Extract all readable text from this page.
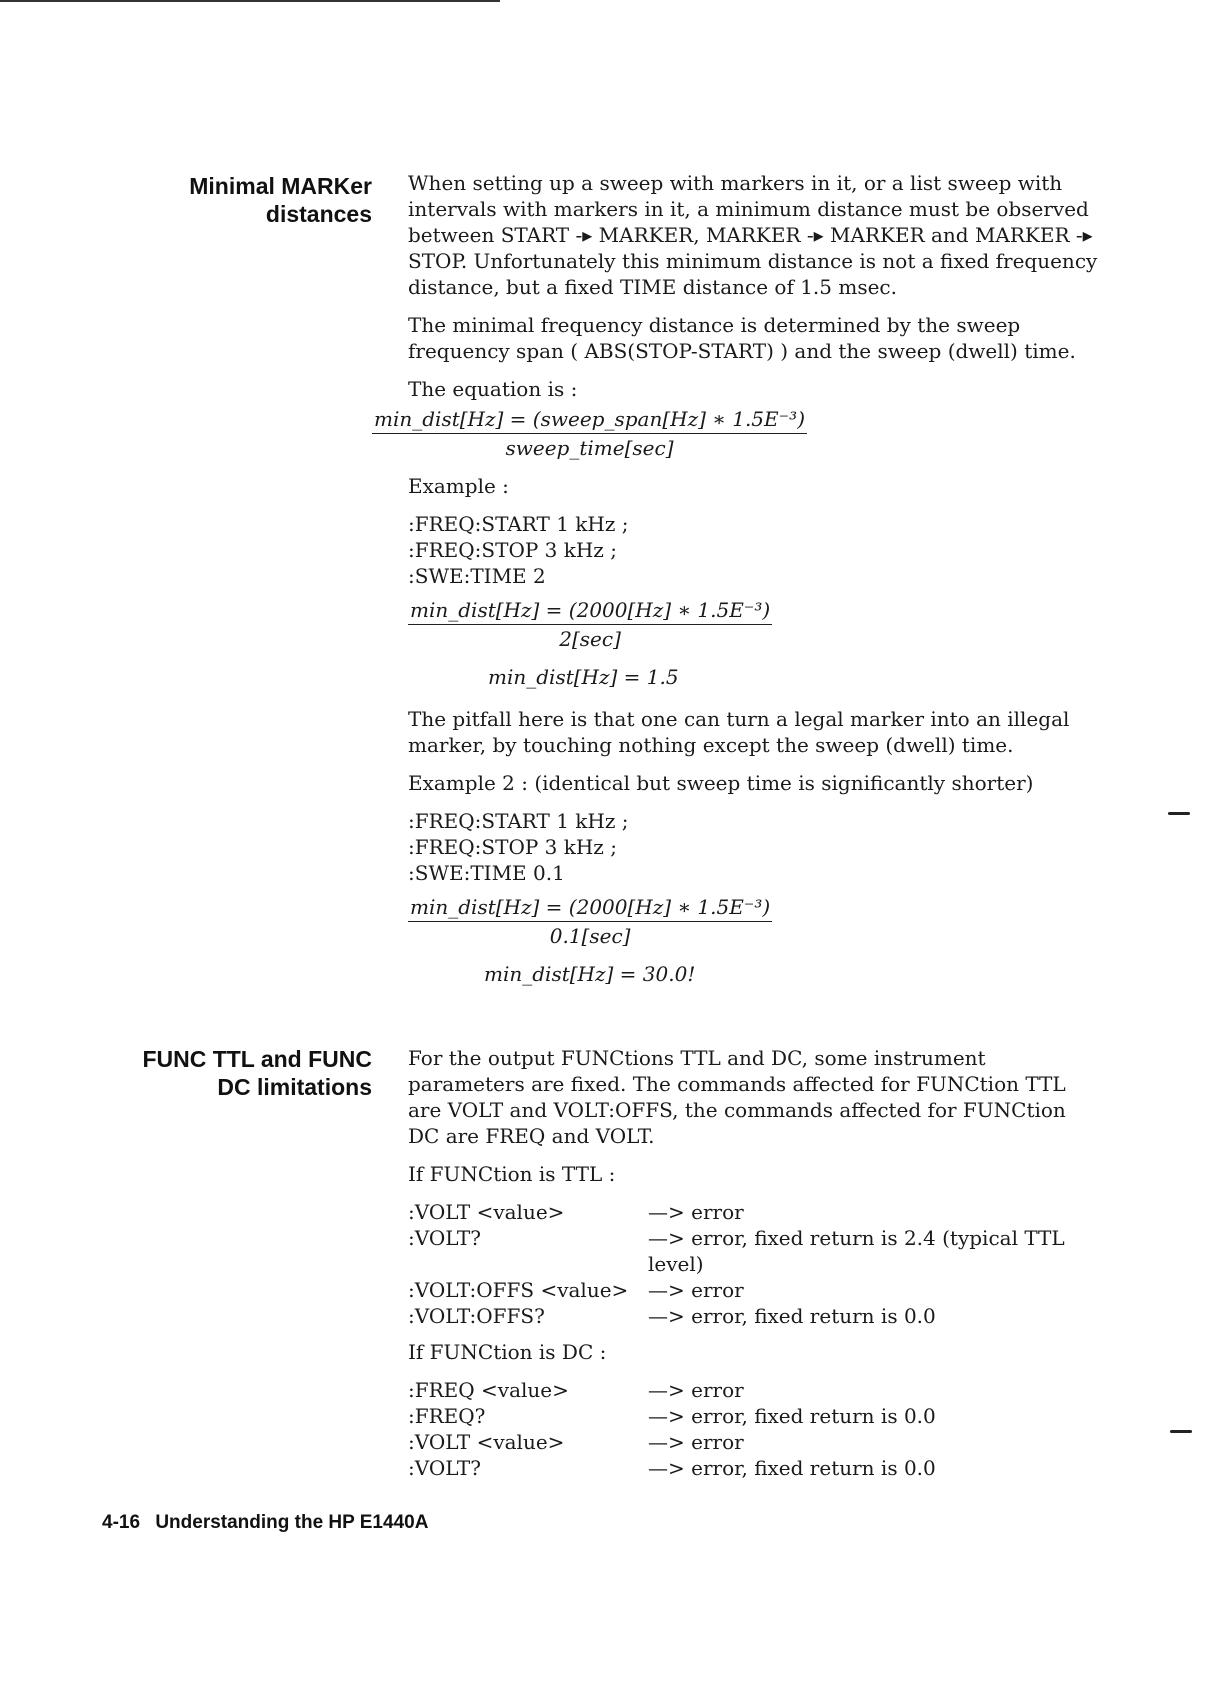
Minimal MARKer
distances

When setting up a sweep with markers in it, or a list sweep with intervals with markers in it, a minimum distance must be observed between START -▸ MARKER, MARKER -▸ MARKER and MARKER -▸ STOP. Unfortunately this minimum distance is not a fixed frequency distance, but a fixed TIME distance of 1.5 msec.

The minimal frequency distance is determined by the sweep frequency span ( ABS(STOP-START) ) and the sweep (dwell) time.

The equation is :

$\frac{\text{min\_dist[Hz] = (sweep\_span[Hz] ∗ 1.5E⁻³)}}{\text{sweep\_time[sec]}}$

Example :

:FREQ:START 1 kHz ;
:FREQ:STOP 3 kHz ;
:SWE:TIME 2
$\frac{\text{min\_dist[Hz] = (2000[Hz] ∗ 1.5E⁻³)}}{2[\sec]}$

min_dist[Hz] = 1.5

The pitfall here is that one can turn a legal marker into an illegal marker, by touching nothing except the sweep (dwell) time.

Example 2 : (identical but sweep time is significantly shorter)

:FREQ:START 1 kHz ;
:FREQ:STOP 3 kHz ;
:SWE:TIME 0.1
$\frac{\text{min\_dist[Hz] = (2000[Hz] ∗ 1.5E⁻³)}}{0.1[\sec]}$

min_dist[Hz] = 30.0!

FUNC TTL and FUNC
DC limitations

For the output FUNCtions TTL and DC, some instrument parameters are fixed. The commands affected for FUNCtion TTL are VOLT and VOLT:OFFS, the commands affected for FUNCtion DC are FREQ and VOLT.

If FUNCtion is TTL :

:VOLT <value>	—> error
:VOLT?	—> error, fixed return is 2.4 (typical TTL level)
:VOLT:OFFS <value> —> error
:VOLT:OFFS?	—> error, fixed return is 0.0

If FUNCtion is DC :

:FREQ <value>	—> error
:FREQ?	—> error, fixed return is 0.0
:VOLT <value>	—> error
:VOLT?	—> error, fixed return is 0.0
4-16 Understanding the HP E1440A
